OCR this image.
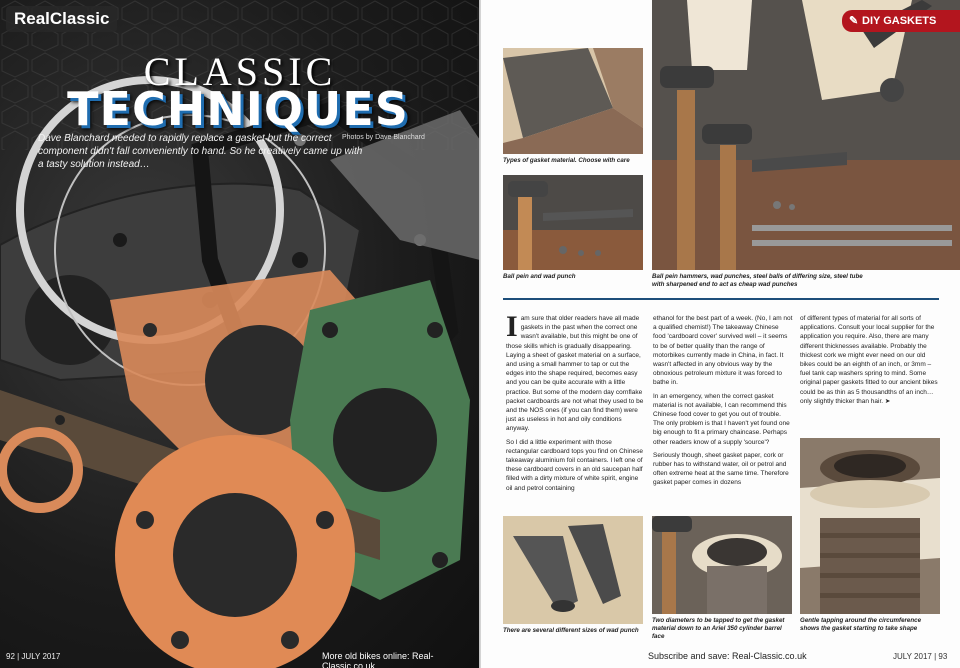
RealClassic
CLASSIC
TECHNIQUES
Dave Blanchard needed to rapidly replace a gasket but the correct component didn't fall conveniently to hand. So he creatively came up with a tasty solution instead…
Photos by Dave Blanchard
92 | JULY 2017	More old bikes online: Real-Classic.co.uk
Types of gasket material. Choose with care
Ball pein and wad punch	Ball pein hammers, wad punches, steel balls of differing size, steel tube with sharpened end to act as cheap wad punches
✎ DIY GASKETS

Iam sure that older readers have all made gaskets in the past when the correct one wasn't available, but this might be one of those skills which is gradually disappearing. Laying a sheet of gasket material on a surface, and using a small hammer to tap or cut the edges into the shape required, becomes easy and you can be quite accurate with a little practice. But some of the modern day cornflake packet cardboards are not what they used to be and the NOS ones (if you can find them) were just as useless in hot and oily conditions anyway.

So I did a little experiment with those rectangular cardboard tops you find on Chinese takeaway aluminium foil containers. I left one of these cardboard covers in an old saucepan half filled with a dirty mixture of white spirit, engine oil and petrol containing

ethanol for the best part of a week. (No, I am not a qualified chemist!) The takeaway Chinese food 'cardboard cover' survived well – it seems to be of better quality than the range of motorbikes currently made in China, in fact. It wasn't affected in any obvious way by the obnoxious petroleum mixture it was forced to bathe in.

In an emergency, when the correct gasket material is not available, I can recommend this Chinese food cover to get you out of trouble. The only problem is that I haven't yet found one big enough to fit a primary chaincase. Perhaps other readers know of a supply 'source'?

Seriously though, sheet gasket paper, cork or rubber has to withstand water, oil or petrol and often extreme heat at the same time. Therefore gasket paper comes in dozens

of different types of material for all sorts of applications. Consult your local supplier for the application you require. Also, there are many different thicknesses available. Probably the thickest cork we might ever need on our old bikes could be an eighth of an inch, or 3mm – fuel tank cap washers spring to mind. Some original paper gaskets fitted to our ancient bikes could be as thin as 5 thousandths of an inch… only slightly thicker than hair. ➤

There are several different sizes of wad punch
Two diameters to be tapped to get the gasket material down to an Ariel 350 cylinder barrel face
Gentle tapping around the circumference shows the gasket starting to take shape
Subscribe and save: Real-Classic.co.uk	JULY 2017 | 93
